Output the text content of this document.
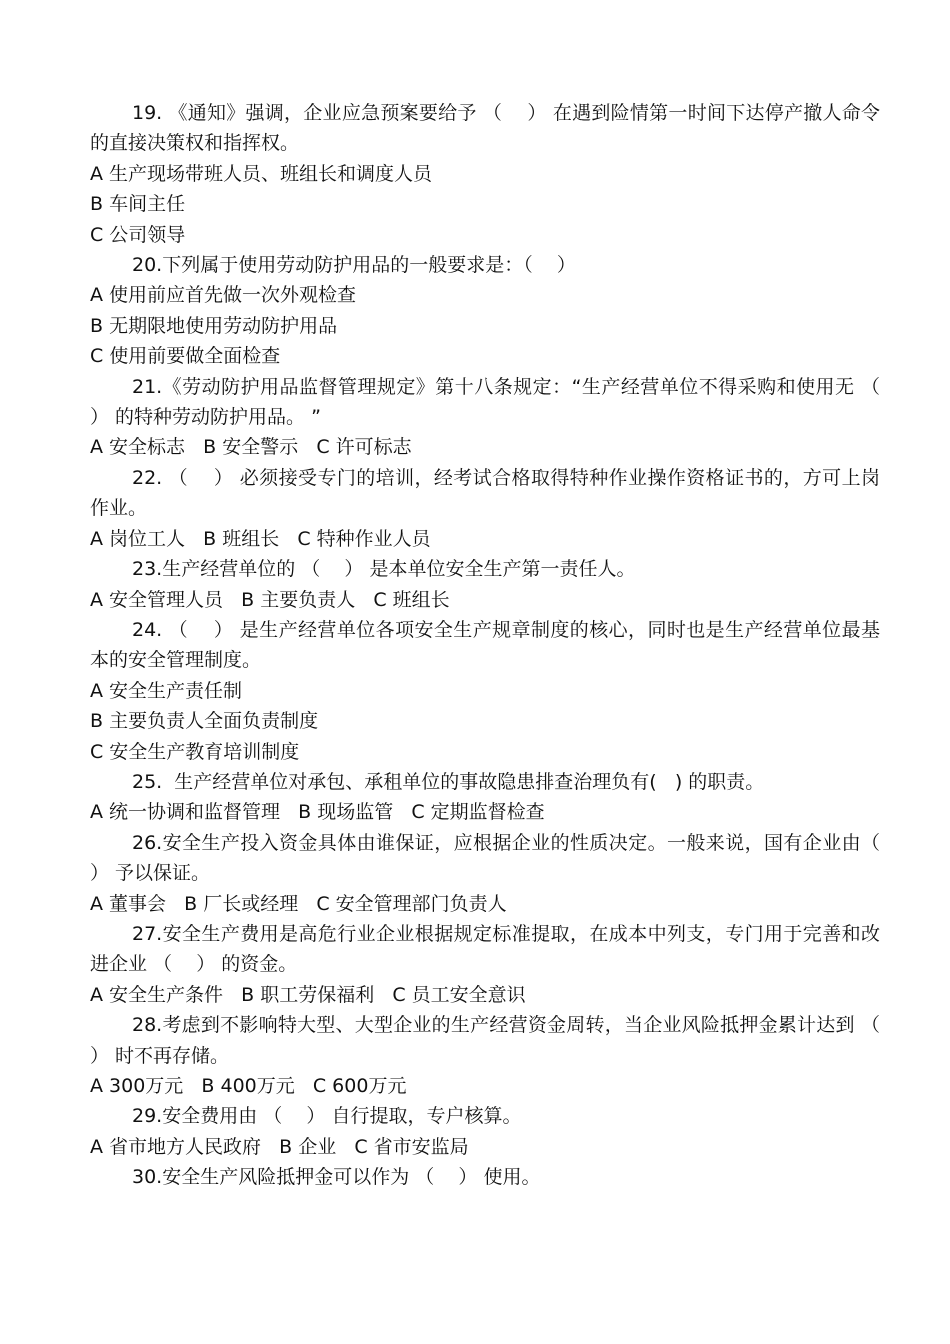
19. 《通知》强调，企业应急预案要给予 （    ） 在遇到险情第一时间下达停产撤人命令的直接决策权和指挥权。

A 生产现场带班人员、班组长和调度人员

B 车间主任

C 公司领导

20.下列属于使用劳动防护用品的一般要求是：（    ）

A 使用前应首先做一次外观检查

B 无期限地使用劳动防护用品

C 使用前要做全面检查

21.《劳动防护用品监督管理规定》第十八条规定：“生产经营单位不得采购和使用无 （    ） 的特种劳动防护用品。 ”

A 安全标志   B 安全警示   C 许可标志

22. （    ） 必须接受专门的培训，经考试合格取得特种作业操作资格证书的，方可上岗作业。

A 岗位工人   B 班组长   C 特种作业人员

23.生产经营单位的 （    ） 是本单位安全生产第一责任人。

A 安全管理人员   B 主要负责人   C 班组长

24. （    ） 是生产经营单位各项安全生产规章制度的核心，同时也是生产经营单位最基本的安全管理制度。

A 安全生产责任制

B 主要负责人全面负责制度

C 安全生产教育培训制度

25.  生产经营单位对承包、承租单位的事故隐患排查治理负有(   ) 的职责。

A 统一协调和监督管理   B 现场监管   C 定期监督检查

26.安全生产投入资金具体由谁保证，应根据企业的性质决定。一般来说，国有企业由（    ） 予以保证。

A 董事会   B 厂长或经理   C 安全管理部门负责人

27.安全生产费用是高危行业企业根据规定标准提取，在成本中列支，专门用于完善和改进企业 （    ） 的资金。

A 安全生产条件   B 职工劳保福利   C 员工安全意识

28.考虑到不影响特大型、大型企业的生产经营资金周转，当企业风险抵押金累计达到 （    ） 时不再存储。

A 300万元   B 400万元   C 600万元

29.安全费用由 （    ） 自行提取，专户核算。

A 省市地方人民政府   B 企业   C 省市安监局

30.安全生产风险抵押金可以作为 （    ） 使用。
